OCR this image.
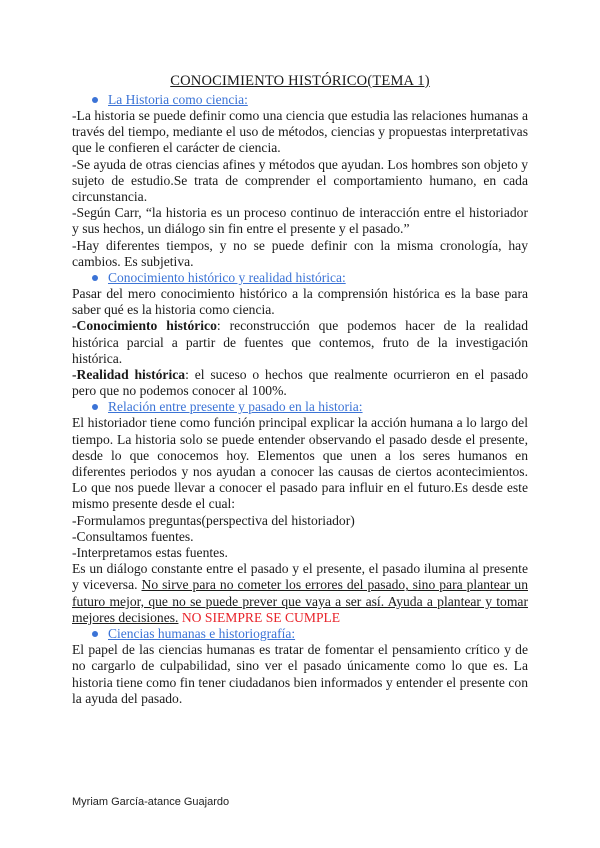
CONOCIMIENTO HISTÓRICO(TEMA 1)
La Historia como ciencia:

-La historia se puede definir como una ciencia que estudia las relaciones humanas a través del tiempo, mediante el uso de métodos, ciencias y propuestas interpretativas que le confieren el carácter de ciencia.

-Se ayuda de otras ciencias afines y métodos que ayudan. Los hombres son objeto y sujeto de estudio.Se trata de comprender el comportamiento humano, en cada circunstancia.

-Según Carr, “la historia es un proceso continuo de interacción entre el historiador y sus hechos, un diálogo sin fin entre el presente y el pasado.”

-Hay diferentes tiempos, y no se puede definir con la misma cronología, hay cambios. Es subjetiva.

Conocimiento histórico y realidad histórica:

Pasar del mero conocimiento histórico a la comprensión histórica es la base para saber qué es la historia como ciencia.

-Conocimiento histórico: reconstrucción que podemos hacer de la realidad histórica parcial a partir de fuentes que contemos, fruto de la investigación histórica.

-Realidad histórica: el suceso o hechos que realmente ocurrieron en el pasado pero que no podemos conocer al 100%.

Relación entre presente y pasado en la historia:

El historiador tiene como función principal explicar la acción humana a lo largo del tiempo. La historia solo se puede entender observando el pasado desde el presente, desde lo que conocemos hoy. Elementos que unen a los seres humanos en diferentes periodos y nos ayudan a conocer las causas de ciertos acontecimientos. Lo que nos puede llevar a conocer el pasado para influir en el futuro.Es desde este mismo presente desde el cual:

-Formulamos preguntas(perspectiva del historiador)

-Consultamos fuentes.

-Interpretamos estas fuentes.

Es un diálogo constante entre el pasado y el presente, el pasado ilumina al presente y viceversa. No sirve para no cometer los errores del pasado, sino para plantear un futuro mejor, que no se puede prever que vaya a ser así. Ayuda a plantear y tomar mejores decisiones. NO SIEMPRE SE CUMPLE

Ciencias humanas e historiografía:

El papel de las ciencias humanas es tratar de fomentar el pensamiento crítico y de no cargarlo de culpabilidad, sino ver el pasado únicamente como lo que es. La historia tiene como fin tener ciudadanos bien informados y entender el presente con la ayuda del pasado.

Myriam García-atance Guajardo
